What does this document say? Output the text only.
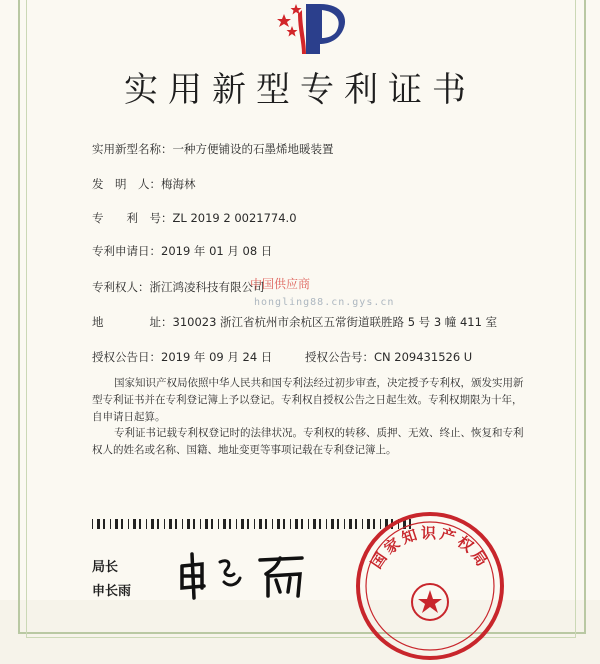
实用新型专利证书
实用新型名称：一种方便铺设的石墨烯地暖装置
发　明　人：梅海林
专　　利　号：ZL 2019 2 0021774.0
专利申请日：2019 年 01 月 08 日
专利权人：浙江鸿凌科技有限公司
地　　　　址：310023 浙江省杭州市余杭区五常街道联胜路 5 号 3 幢 411 室
授权公告日：2019 年 09 月 24 日	授权公告号：CN 209431526 U
国家知识产权局依照中华人民共和国专利法经过初步审查，决定授予专利权，颁发实用新型专利证书并在专利登记簿上予以登记。专利权自授权公告之日起生效。专利权期限为十年，自申请日起算。
专利证书记载专利权登记时的法律状况。专利权的转移、质押、无效、终止、恢复和专利权人的姓名或名称、国籍、地址变更等事项记载在专利登记簿上。
中国供应商
hongling88.cn.gys.cn
局长
申长雨
国家知识产权局
